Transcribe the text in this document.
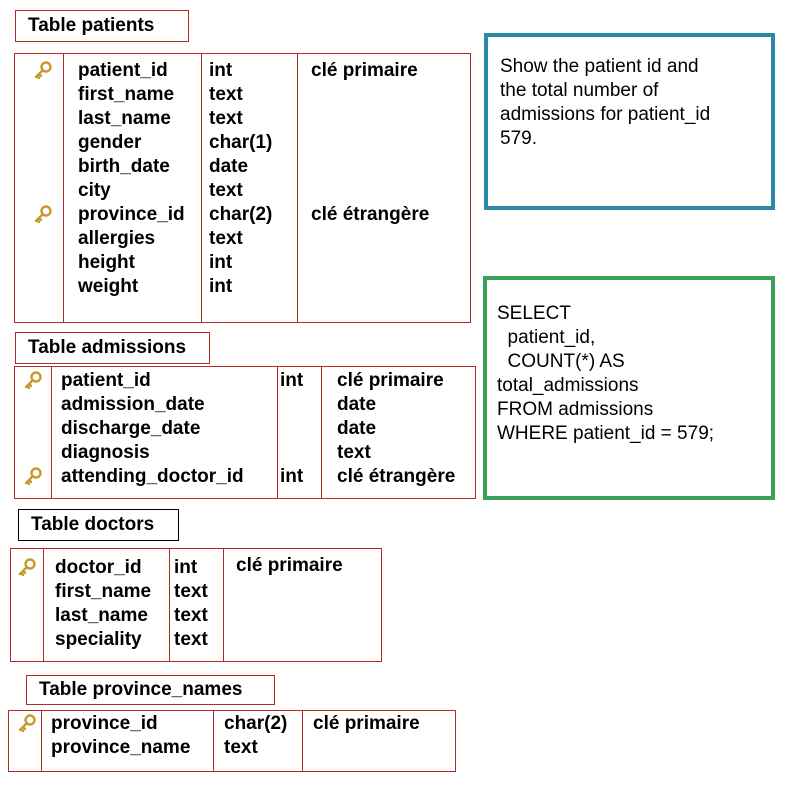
Table patients
patient_id
first_name
last_name
gender
birth_date
city
province_id
allergies
height
weight
int
text
text
char(1)
date
text
char(2)
text
int
int
clé primaire

clé étrangère

Table admissions
patient_id
admission_date
discharge_date
diagnosis
attending_doctor_id
int

int
clé primaire
date
date
text
clé étrangère
Table doctors
doctor_id
first_name
last_name
speciality
int
text
text
text
clé primaire

Table province_names
province_id
province_name
char(2)
text
clé primaire

Show the patient id and
the total number of
admissions for patient_id
579.
SELECT
patient_id,
COUNT(*) AS
total_admissions
FROM admissions
WHERE patient_id = 579;
